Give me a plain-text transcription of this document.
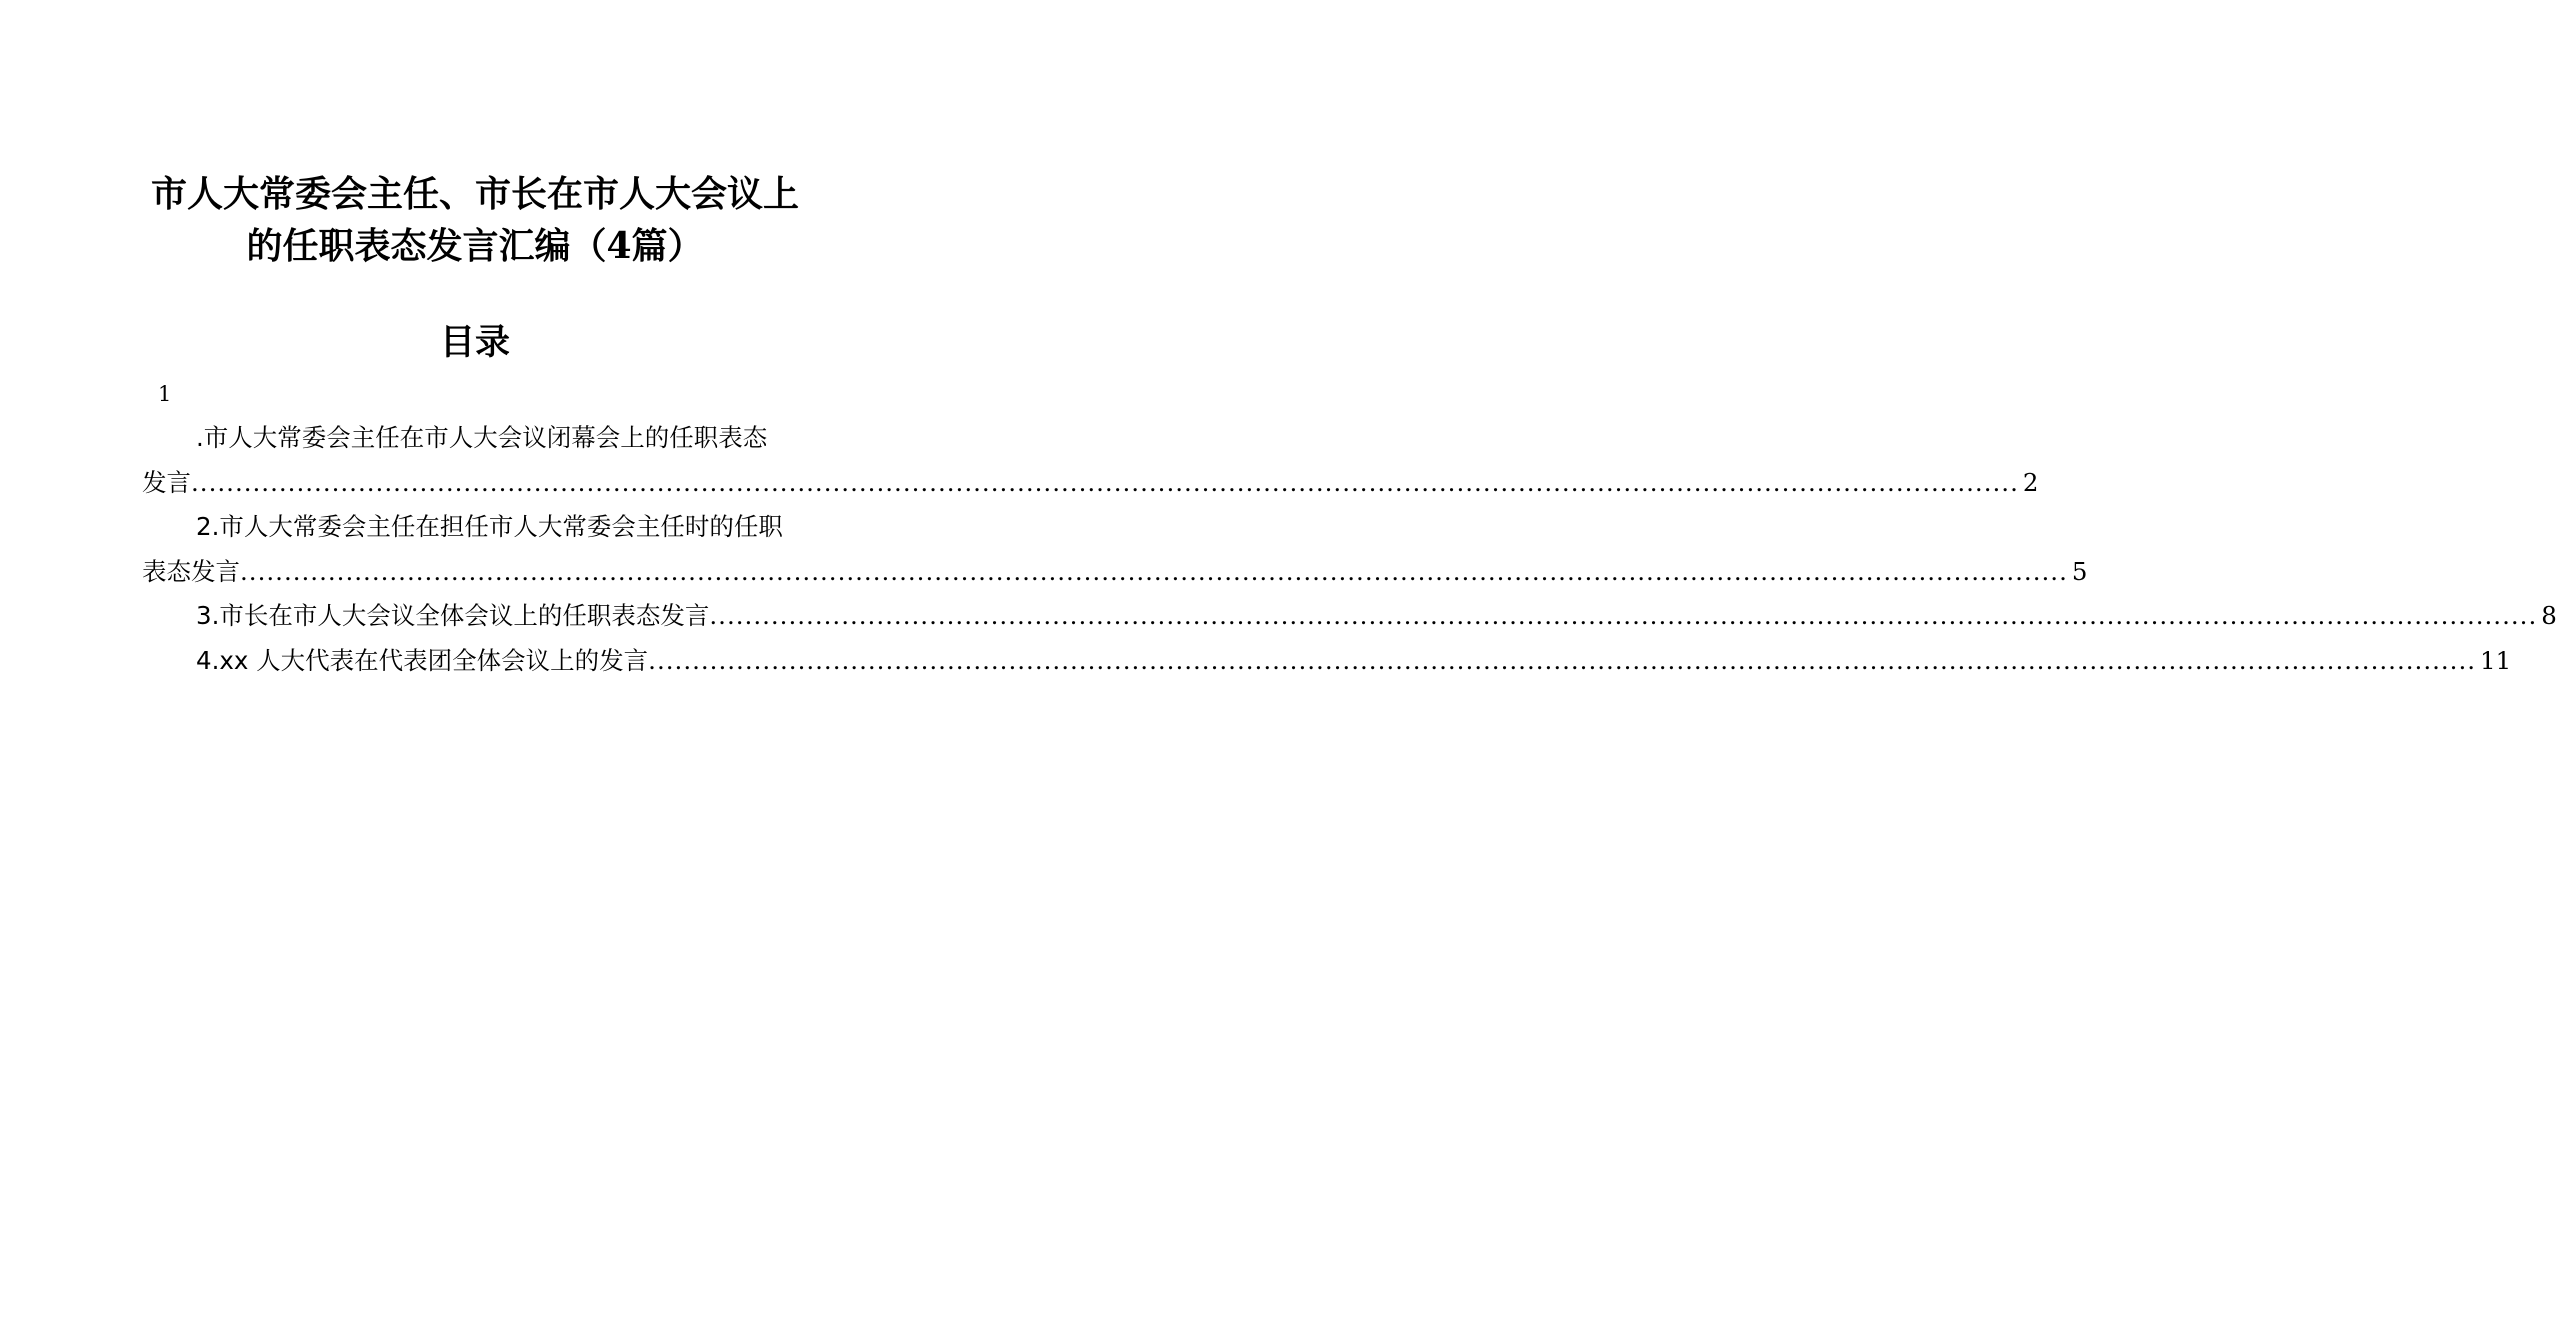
市人大常委会主任、市长在市人大会议上
的任职表态发言汇编（4篇）
目录
1
.市人大常委会主任在市人大会议闭幕会上的任职表态
发言 ................................................................................................................................................................................................................ 2
2.市人大常委会主任在担任市人大常委会主任时的任职
表态发言 ................................................................................................................................................................................................................ 5
3.市长在市人大会议全体会议上的任职表态发言 ................................................................................................................................................................................................................ 8
4.xx 人大代表在代表团全体会议上的发言 ................................................................................................................................................................................................................ 11
